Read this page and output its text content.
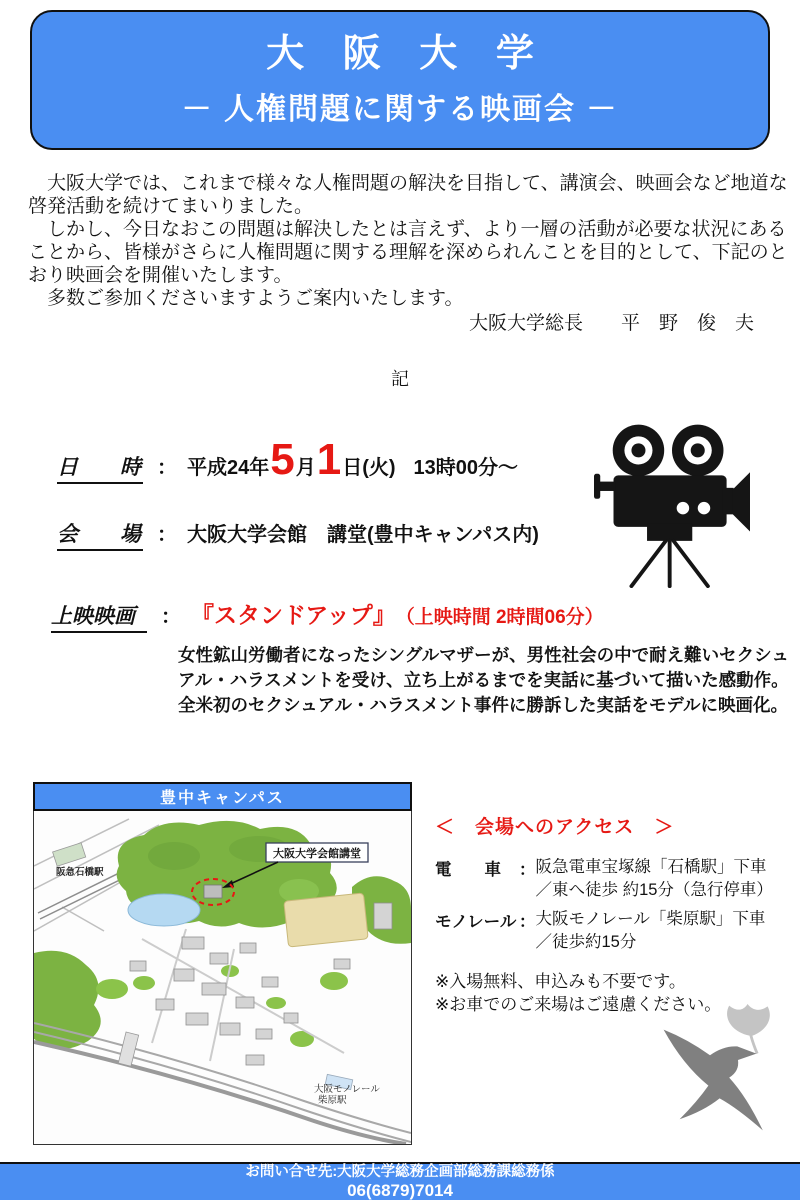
大 阪 大 学
－ 人権問題に関する映画会 －
　大阪大学では、これまで様々な人権問題の解決を目指して、講演会、映画会など地道な
啓発活動を続けてまいりました。
　しかし、今日なおこの問題は解決したとは言えず、より一層の活動が必要な状況にある
ことから、皆様がさらに人権問題に関する理解を深められんことを目的として、下記のと
おり映画会を開催いたします。
　多数ご参加くださいますようご案内いたします。
大阪大学総長　　平　野　俊　夫
記
日　　時 ： 平成24年 5 月 1 日(火) 13時00分～
会　　場 ： 大阪大学会館　講堂(豊中キャンパス内)
上映映画	： 『スタンドアップ』 （上映時間 2時間06分）
女性鉱山労働者になったシングルマザーが、男性社会の中で耐え難いセクシュ
アル・ハラスメントを受け、立ち上がるまでを実話に基づいて描いた感動作。
全米初のセクシュアル・ハラスメント事件に勝訴した実話をモデルに映画化。
豊中キャンパス
大阪大学会館講堂
阪急石橋駅
大阪モノレール
柴原駅
＜　会場へのアクセス　＞
電　　車	： 阪急電車宝塚線「石橋駅」下車
／東へ徒歩 約15分（急行停車）
モノレール ： 大阪モノレール「柴原駅」下車
／徒歩約15分
※入場無料、申込みも不要です。
※お車でのご来場はご遠慮ください。
お問い合せ先:大阪大学総務企画部総務課総務係
06(6879)7014
